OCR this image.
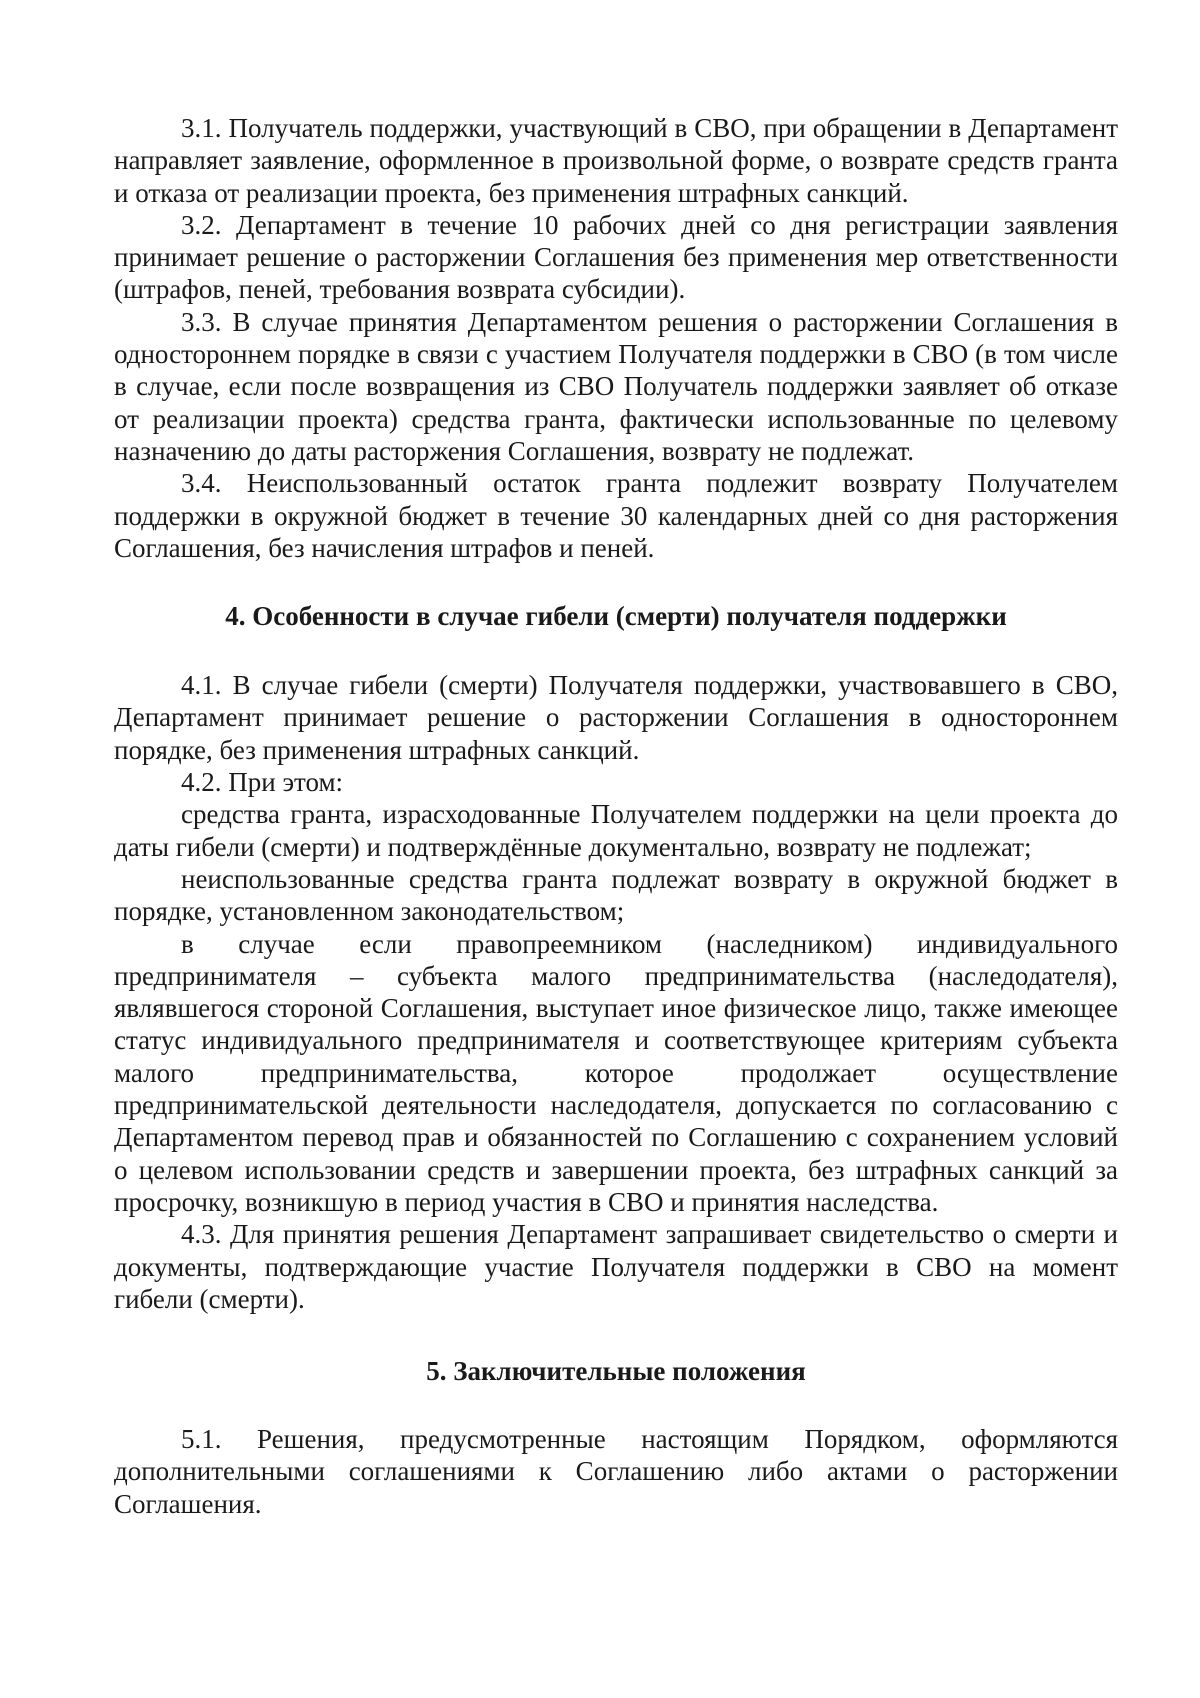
3.1. Получатель поддержки, участвующий в СВО, при обращении в Департамент направляет заявление, оформленное в произвольной форме, о возврате средств гранта и отказа от реализации проекта, без применения штрафных санкций.

3.2. Департамент в течение 10 рабочих дней со дня регистрации заявления принимает решение о расторжении Соглашения без применения мер ответственности (штрафов, пеней, требования возврата субсидии).

3.3. В случае принятия Департаментом решения о расторжении Соглашения в одностороннем порядке в связи с участием Получателя поддержки в СВО (в том числе в случае, если после возвращения из СВО Получатель поддержки заявляет об отказе от реализации проекта) средства гранта, фактически использованные по целевому назначению до даты расторжения Соглашения, возврату не подлежат.

3.4. Неиспользованный остаток гранта подлежит возврату Получателем поддержки в окружной бюджет в течение 30 календарных дней со дня расторжения Соглашения, без начисления штрафов и пеней.

4. Особенности в случае гибели (смерти) получателя поддержки

4.1. В случае гибели (смерти) Получателя поддержки, участвовавшего в СВО, Департамент принимает решение о расторжении Соглашения в одностороннем порядке, без применения штрафных санкций.

4.2. При этом:

средства гранта, израсходованные Получателем поддержки на цели проекта до даты гибели (смерти) и подтверждённые документально, возврату не подлежат;

неиспользованные средства гранта подлежат возврату в окружной бюджет в порядке, установленном законодательством;

в случае если правопреемником (наследником) индивидуального предпринимателя – субъекта малого предпринимательства (наследодателя), являвшегося стороной Соглашения, выступает иное физическое лицо, также имеющее статус индивидуального предпринимателя и соответствующее критериям субъекта малого предпринимательства, которое продолжает осуществление предпринимательской деятельности наследодателя, допускается по согласованию с Департаментом перевод прав и обязанностей по Соглашению с сохранением условий о целевом использовании средств и завершении проекта, без штрафных санкций за просрочку, возникшую в период участия в СВО и принятия наследства.

4.3. Для принятия решения Департамент запрашивает свидетельство о смерти и документы, подтверждающие участие Получателя поддержки в СВО на момент гибели (смерти).

5. Заключительные положения

5.1. Решения, предусмотренные настоящим Порядком, оформляются дополнительными соглашениями к Соглашению либо актами о расторжении Соглашения.
